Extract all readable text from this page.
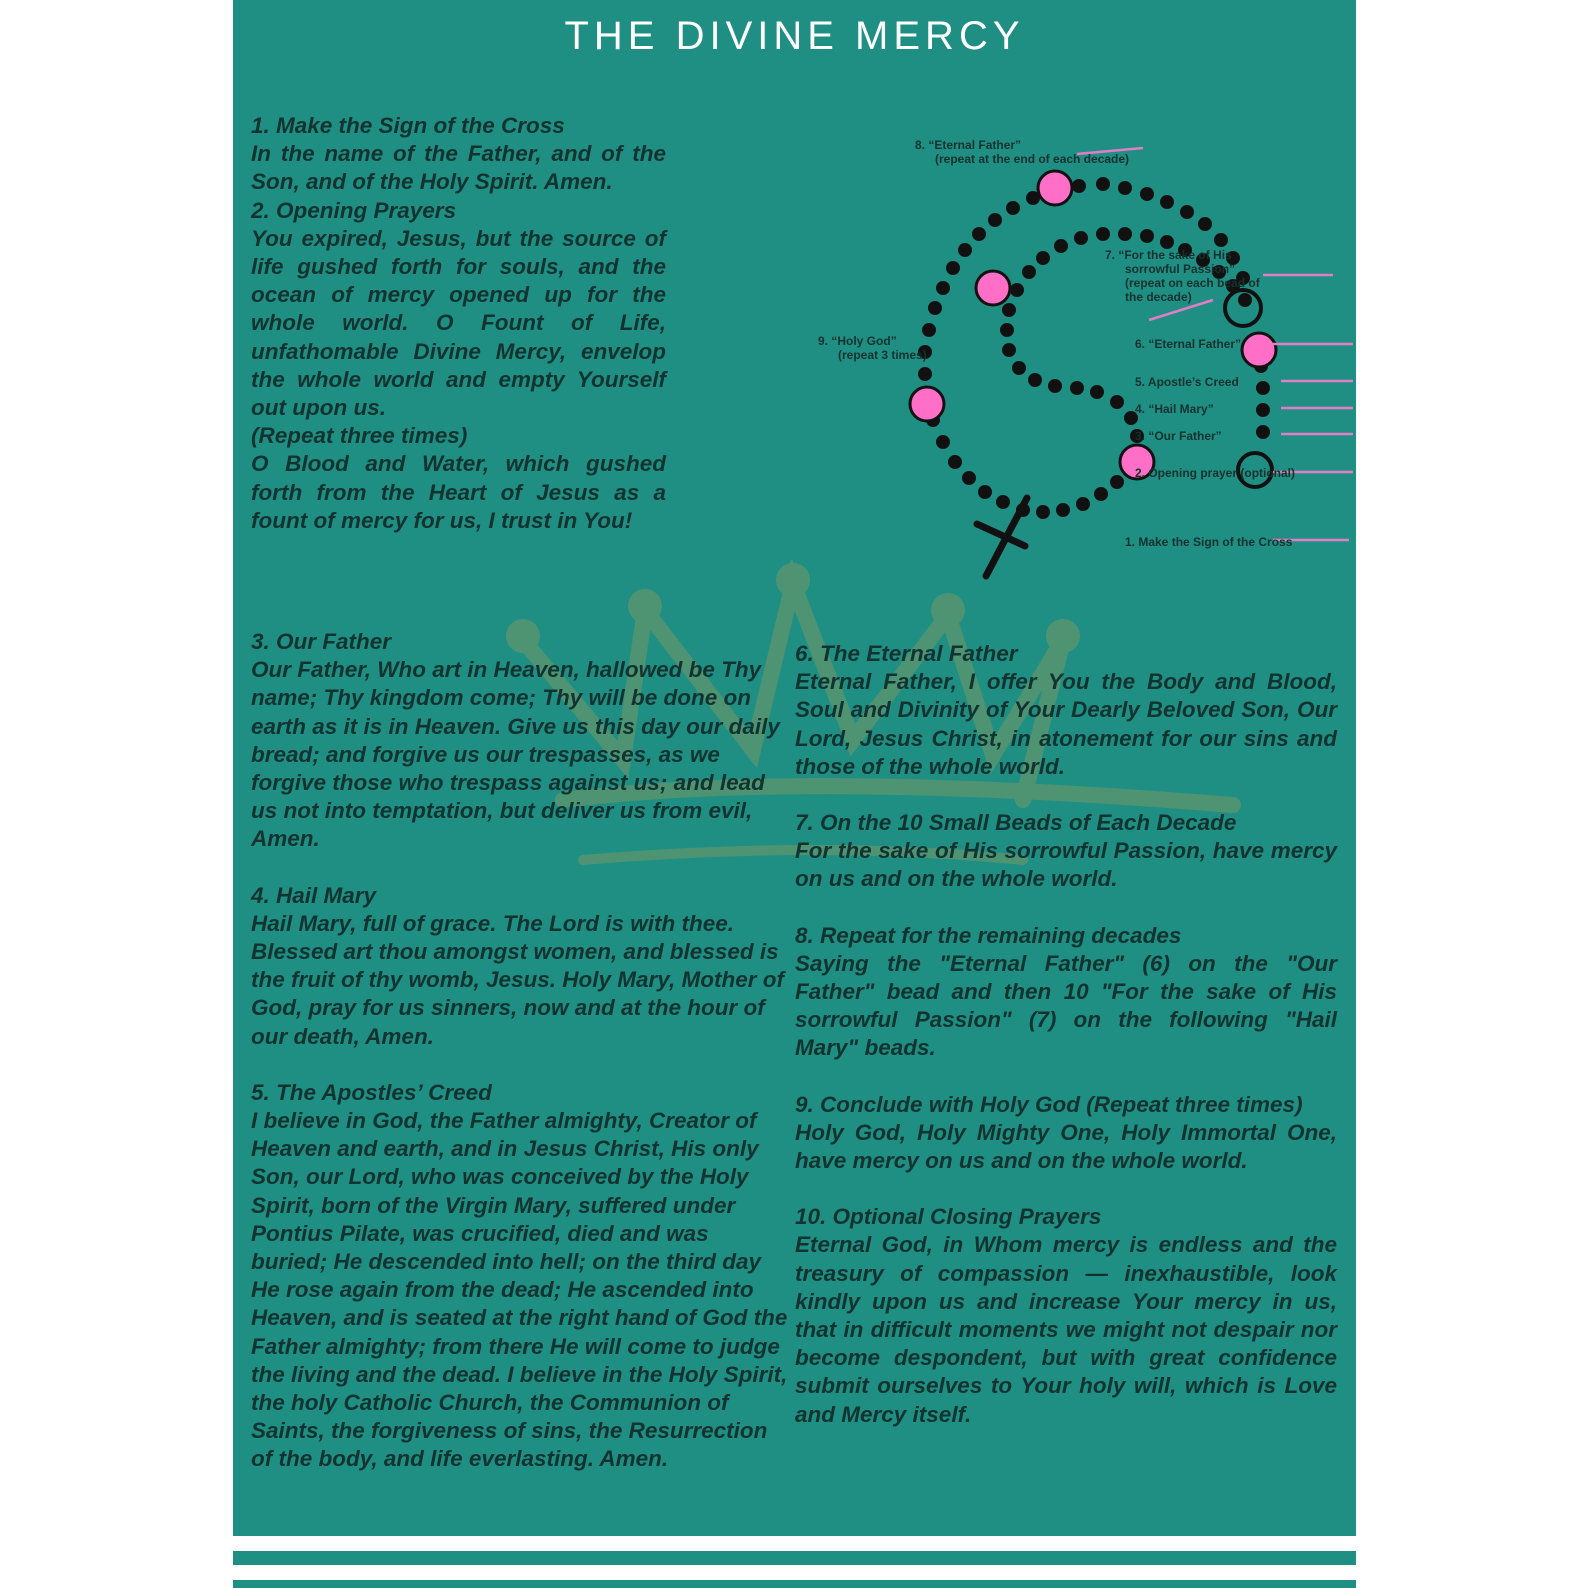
THE DIVINE MERCY
1. Make the Sign of the Cross

In the name of the Father, and of the Son, and of the Holy Spirit. Amen.

2. Opening Prayers

You expired, Jesus, but the source of life gushed forth for souls, and the ocean of mercy opened up for the whole world. O Fount of Life, unfathomable Divine Mercy, envelop the whole world and empty Yourself out upon us.

(Repeat three times)

O Blood and Water, which gushed forth from the Heart of Jesus as a fount of mercy for us, I trust in You!

8. “Eternal Father”
(repeat at the end of each decade)
7. “For the sake of His
sorrowful Passion”
(repeat on each bead of
the decade)
6. “Eternal Father”
5. Apostle’s Creed
4. “Hail Mary”
3. “Our Father”
2. Opening prayer (optional)
1. Make the Sign of the Cross
9. “Holy God”
(repeat 3 times)
3. Our Father

Our Father, Who art in Heaven, hallowed be Thy name; Thy kingdom come; Thy will be done on earth as it is in Heaven. Give us this day our daily bread; and forgive us our trespasses, as we forgive those who trespass against us; and lead us not into temptation, but deliver us from evil, Amen.

4. Hail Mary

Hail Mary, full of grace. The Lord is with thee. Blessed art thou amongst women, and blessed is the fruit of thy womb, Jesus. Holy Mary, Mother of God, pray for us sinners, now and at the hour of our death, Amen.

5. The Apostles’ Creed

I believe in God, the Father almighty, Creator of Heaven and earth, and in Jesus Christ, His only Son, our Lord, who was conceived by the Holy Spirit, born of the Virgin Mary, suffered under Pontius Pilate, was crucified, died and was buried; He descended into hell; on the third day He rose again from the dead; He ascended into Heaven, and is seated at the right hand of God the Father almighty; from there He will come to judge the living and the dead. I believe in the Holy Spirit, the holy Catholic Church, the Communion of Saints, the forgiveness of sins, the Resurrection of the body, and life everlasting. Amen.

6. The Eternal Father

Eternal Father, I offer You the Body and Blood, Soul and Divinity of Your Dearly Beloved Son, Our Lord, Jesus Christ, in atonement for our sins and those of the whole world.

7. On the 10 Small Beads of Each Decade

For the sake of His sorrowful Passion, have mercy on us and on the whole world.

8. Repeat for the remaining decades

Saying the "Eternal Father" (6) on the "Our Father" bead and then 10 "For the sake of His sorrowful Passion" (7) on the following "Hail Mary" beads.

9. Conclude with Holy God (Repeat three times)

Holy God, Holy Mighty One, Holy Immortal One, have mercy on us and on the whole world.

10. Optional Closing Prayers

Eternal God, in Whom mercy is endless and the treasury of compassion — inexhaustible, look kindly upon us and increase Your mercy in us, that in difficult moments we might not despair nor become despondent, but with great confidence submit ourselves to Your holy will, which is Love and Mercy itself.
